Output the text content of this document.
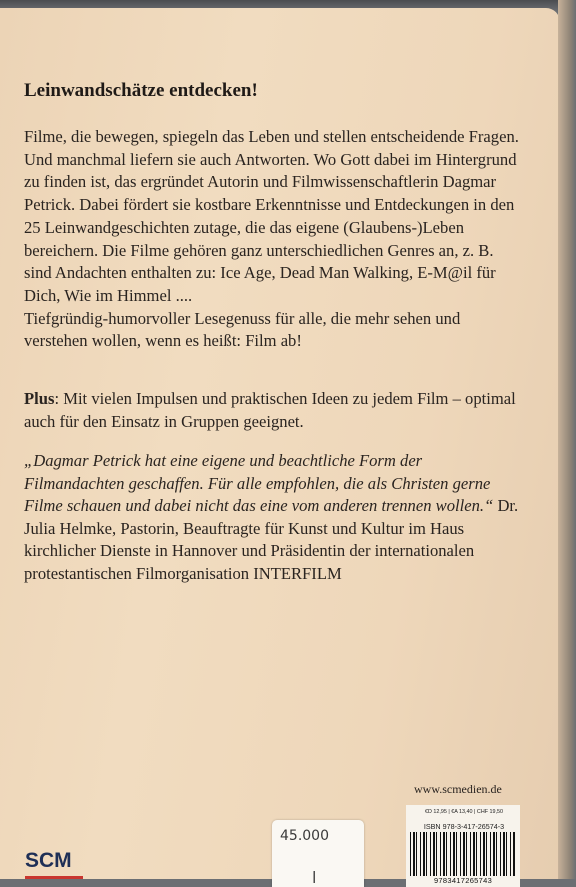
Leinwandschätze entdecken!

Filme, die bewegen, spiegeln das Leben und stellen entscheidende Fragen. Und manchmal liefern sie auch Antworten. Wo Gott dabei im Hintergrund zu finden ist, das ergründet Autorin und Filmwissenschaftlerin Dagmar Petrick. Dabei fördert sie kostbare Erkenntnisse und Entdeckungen in den 25 Leinwandgeschichten zutage, die das eigene (Glaubens-)Leben bereichern. Die Filme gehören ganz unterschiedlichen Genres an, z. B. sind Andachten enthalten zu: Ice Age, Dead Man Walking, E-M@il für Dich, Wie im Himmel ....
Tiefgründig-humorvoller Lesegenuss für alle, die mehr sehen und verstehen wollen, wenn es heißt: Film ab!

Plus: Mit vielen Impulsen und praktischen Ideen zu jedem Film – optimal auch für den Einsatz in Gruppen geeignet.

„Dagmar Petrick hat eine eigene und beachtliche Form der Filmandachten geschaffen. Für alle empfohlen, die als Christen gerne Filme schauen und dabei nicht das eine vom anderen trennen wollen.“ Dr. Julia Helmke, Pastorin, Beauftragte für Kunst und Kultur im Haus kirchlicher Dienste in Hannover und Präsidentin der internationalen protestantischen Filmorganisation INTERFILM

www.scmedien.de
€D 12,95 | €A 13,40 | CHF 19,50
ISBN 978-3-417-26574-3
9783417265743
45.000
l
SCM
